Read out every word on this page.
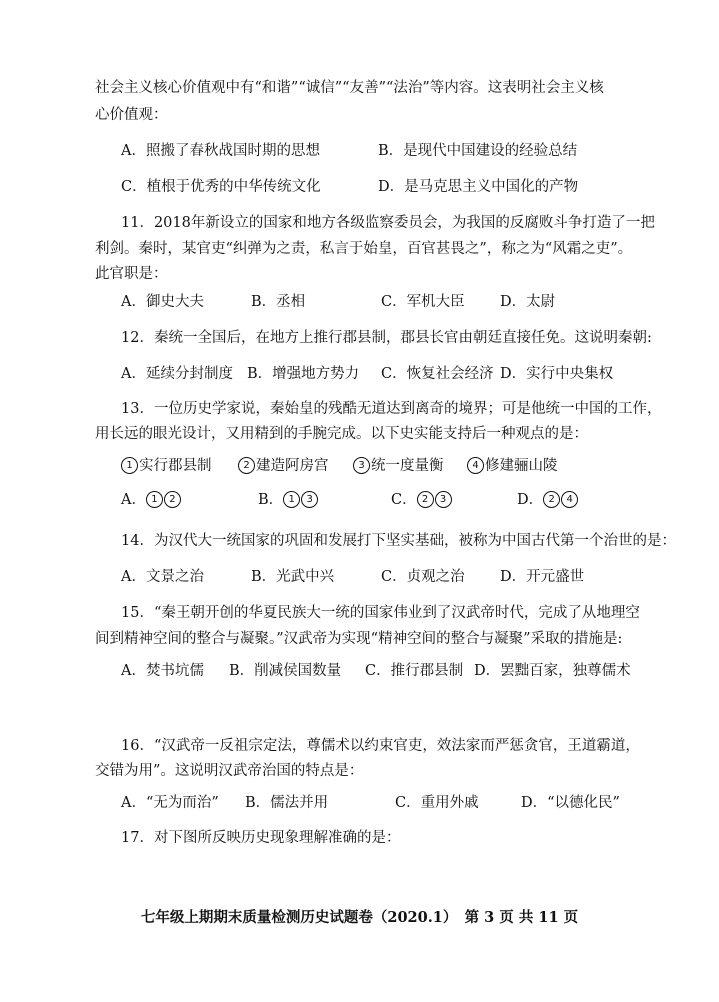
社会主义核心价值观中有“和谐”“诚信”“友善”“法治”等内容。这表明社会主义核
心价值观：
A．照搬了春秋战国时期的思想	B．是现代中国建设的经验总结
C．植根于优秀的中华传统文化	D．是马克思主义中国化的产物
11．2018年新设立的国家和地方各级监察委员会，为我国的反腐败斗争打造了一把
利剑。秦时，某官吏“纠弹为之责，私言于始皇，百官甚畏之”，称之为“风霜之吏”。
此官职是：
A．御史大夫	B．丞相	C．军机大臣 D．太尉
12．秦统一全国后，在地方上推行郡县制，郡县长官由朝廷直接任免。这说明秦朝:
A．延续分封制度 B．增强地方势力 C．恢复社会经济 D．实行中央集权
13．一位历史学家说，秦始皇的残酷无道达到离奇的境界；可是他统一中国的工作，
用长远的眼光设计，又用精到的手腕完成。以下史实能支持后一种观点的是：
1 实行郡县制	2 建造阿房宫	3 统一度量衡	4 修建骊山陵
A． 1 2	B． 1 3	C． 2 3	D． 2 4
14．为汉代大一统国家的巩固和发展打下坚实基础，被称为中国古代第一个治世的是：
A．文景之治	B．光武中兴	C．贞观之治 D．开元盛世
15．“秦王朝开创的华夏民族大一统的国家伟业到了汉武帝时代，完成了从地理空
间到精神空间的整合与凝聚。”汉武帝为实现“精神空间的整合与凝聚”采取的措施是:
A．焚书坑儒 B．削减侯国数量 C．推行郡县制 D．罢黜百家，独尊儒术
16．“汉武帝一反祖宗定法，尊儒术以约束官吏，效法家而严惩贪官，王道霸道，
交错为用”。这说明汉武帝治国的特点是：
A．“无为而治” B．儒法并用	C．重用外戚	D．“以德化民”
17．对下图所反映历史现象理解准确的是：
七年级上期期末质量检测历史试题卷（2020.1）　第 3 页 共 11 页
